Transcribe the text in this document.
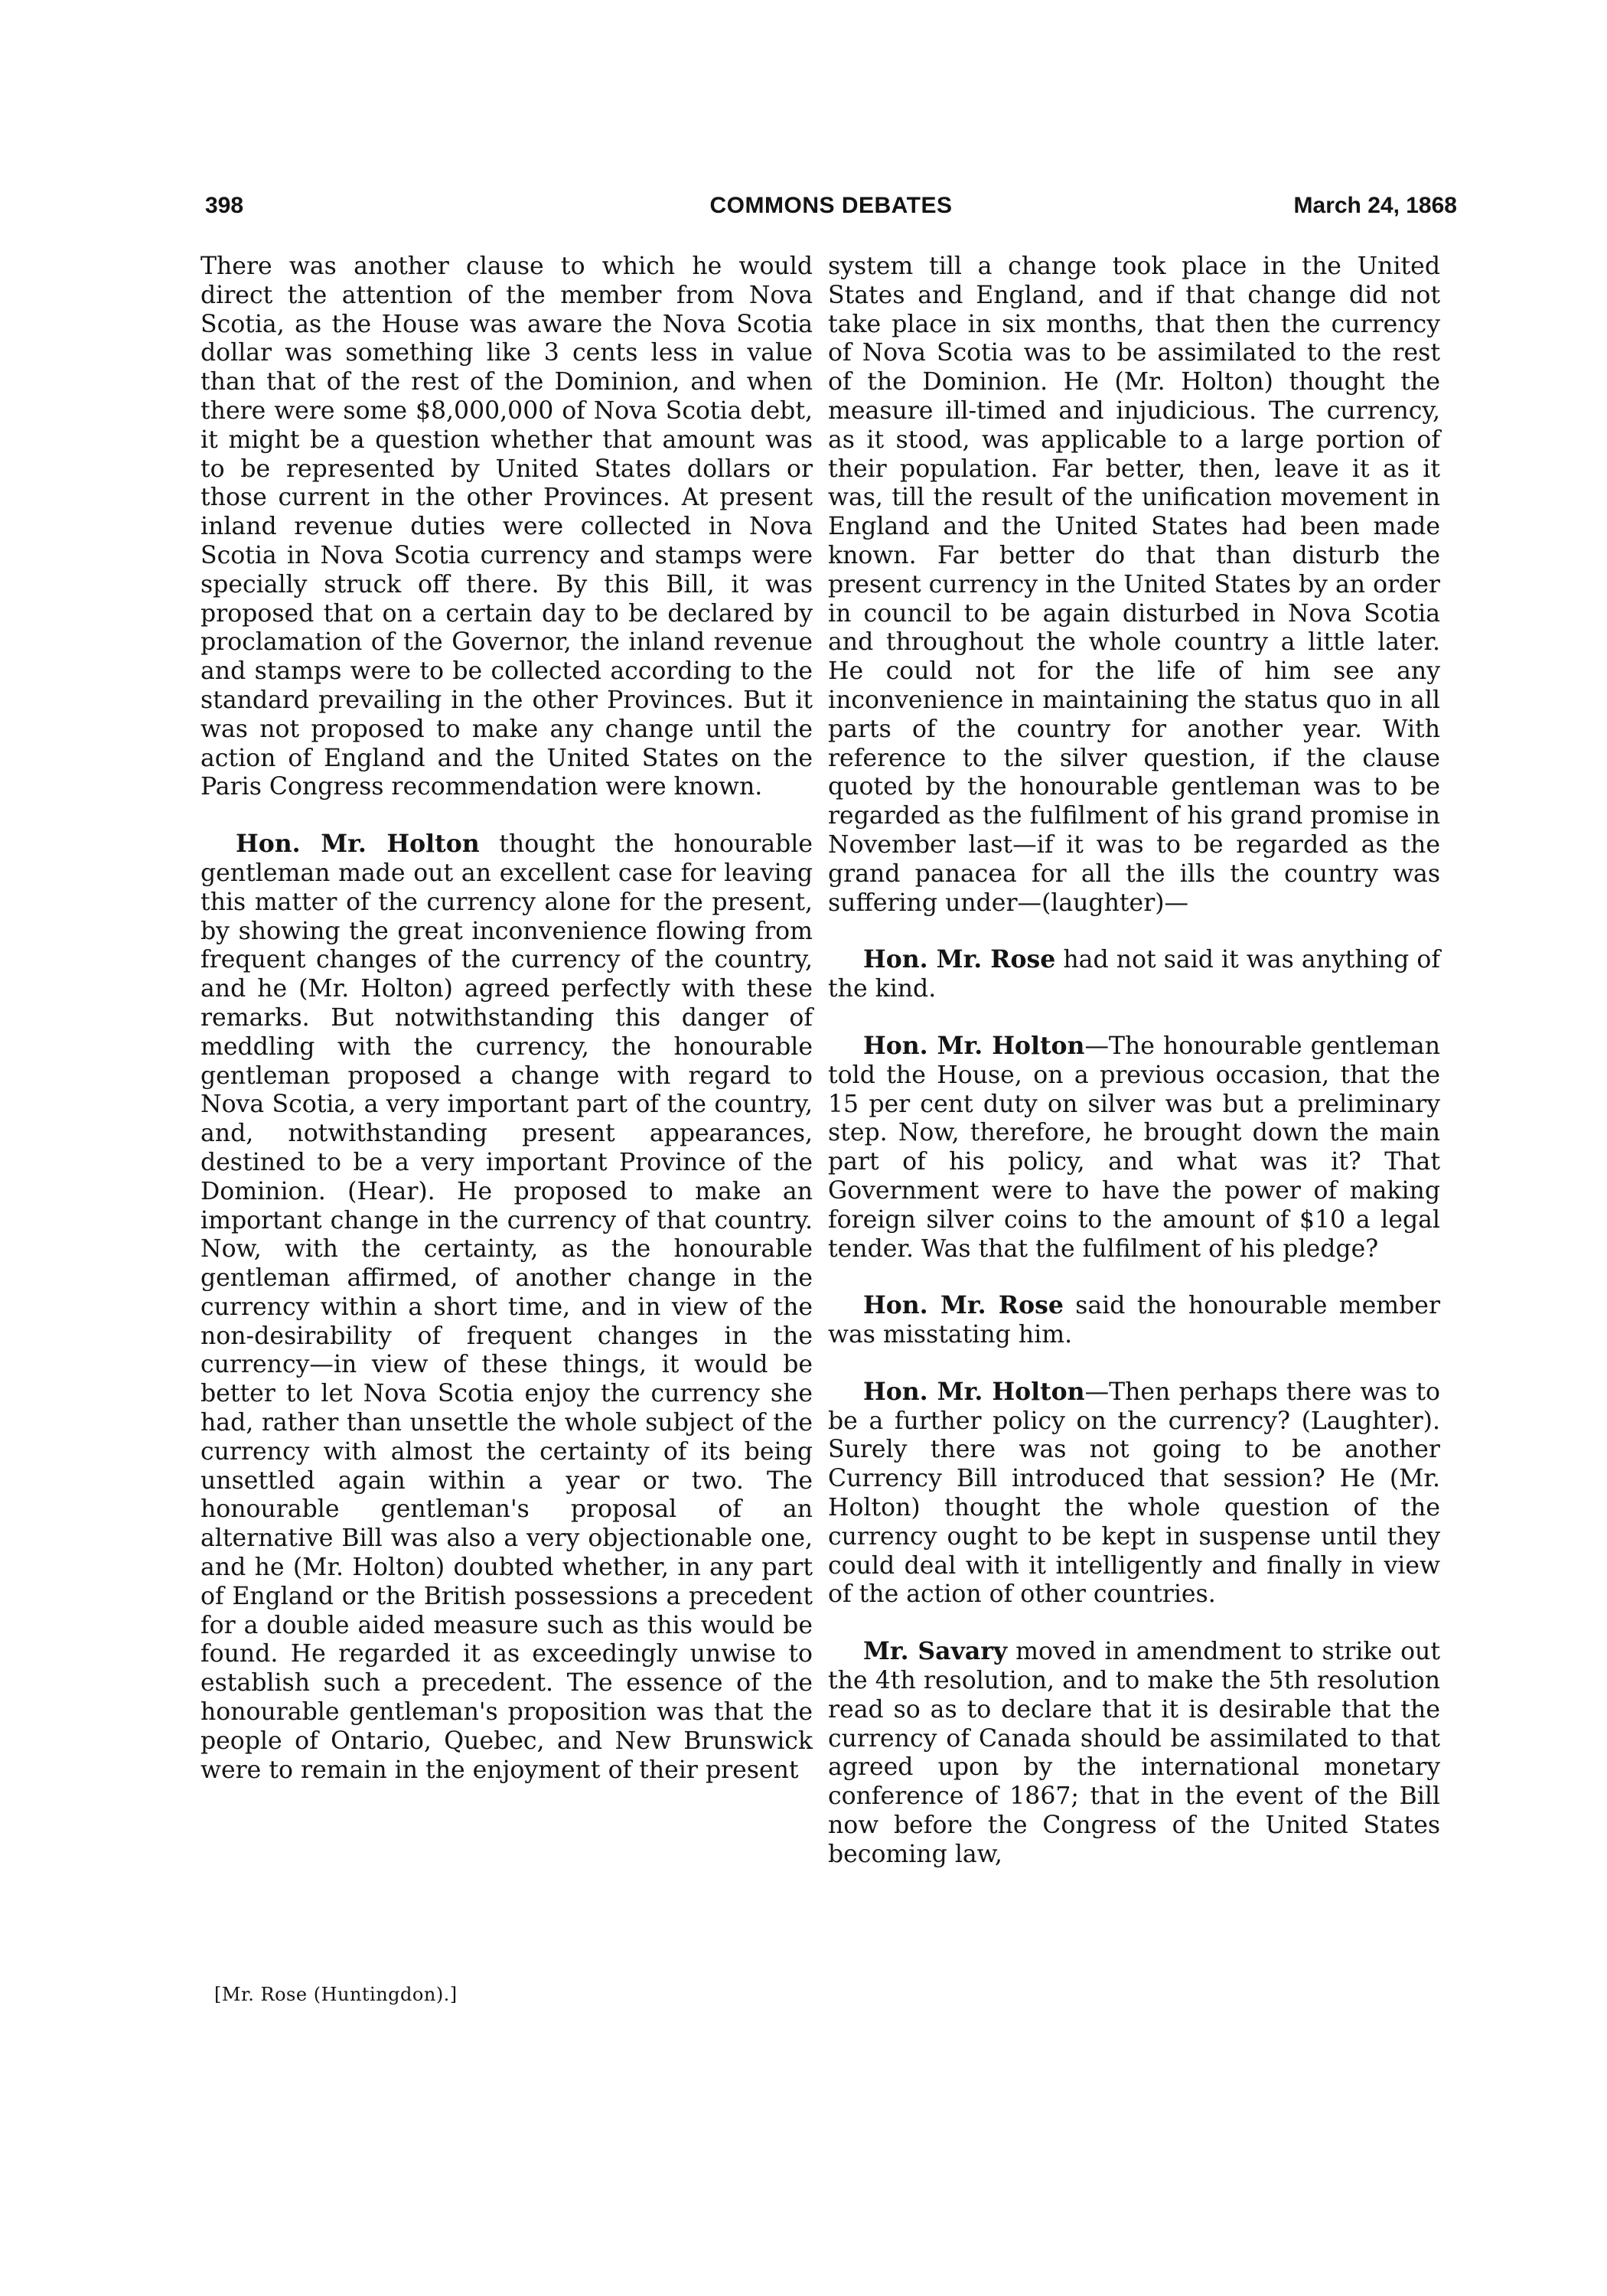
398	COMMONS DEBATES	March 24, 1868

There was another clause to which he would direct the attention of the member from Nova Scotia, as the House was aware the Nova Scotia dollar was something like 3 cents less in value than that of the rest of the Dominion, and when there were some $8,000,000 of Nova Scotia debt, it might be a question whether that amount was to be represented by United States dollars or those current in the other Provinces. At present inland revenue duties were collected in Nova Scotia in Nova Scotia currency and stamps were specially struck off there. By this Bill, it was proposed that on a certain day to be declared by proclamation of the Governor, the inland revenue and stamps were to be collected according to the standard prevailing in the other Provinces. But it was not proposed to make any change until the action of England and the United States on the Paris Congress recommendation were known.

Hon. Mr. Holton thought the honourable gentleman made out an excellent case for leaving this matter of the currency alone for the present, by showing the great inconvenience flowing from frequent changes of the currency of the country, and he (Mr. Holton) agreed perfectly with these remarks. But notwithstanding this danger of meddling with the currency, the honourable gentleman proposed a change with regard to Nova Scotia, a very important part of the country, and, notwithstanding present appearances, destined to be a very important Province of the Dominion. (Hear). He proposed to make an important change in the currency of that country. Now, with the certainty, as the honourable gentleman affirmed, of another change in the currency within a short time, and in view of the non-desirability of frequent changes in the currency—in view of these things, it would be better to let Nova Scotia enjoy the currency she had, rather than unsettle the whole subject of the currency with almost the certainty of its being unsettled again within a year or two. The honourable gentleman's proposal of an alternative Bill was also a very objectionable one, and he (Mr. Holton) doubted whether, in any part of England or the British possessions a precedent for a double aided measure such as this would be found. He regarded it as exceedingly unwise to establish such a precedent. The essence of the honourable gentleman's proposition was that the people of Ontario, Quebec, and New Brunswick were to remain in the enjoyment of their present

system till a change took place in the United States and England, and if that change did not take place in six months, that then the currency of Nova Scotia was to be assimilated to the rest of the Dominion. He (Mr. Holton) thought the measure ill-timed and injudicious. The currency, as it stood, was applicable to a large portion of their population. Far better, then, leave it as it was, till the result of the unification movement in England and the United States had been made known. Far better do that than disturb the present currency in the United States by an order in council to be again disturbed in Nova Scotia and throughout the whole country a little later. He could not for the life of him see any inconvenience in maintaining the status quo in all parts of the country for another year. With reference to the silver question, if the clause quoted by the honourable gentleman was to be regarded as the fulfilment of his grand promise in November last—if it was to be regarded as the grand panacea for all the ills the country was suffering under—(laughter)—

Hon. Mr. Rose had not said it was anything of the kind.

Hon. Mr. Holton—The honourable gentleman told the House, on a previous occasion, that the 15 per cent duty on silver was but a preliminary step. Now, therefore, he brought down the main part of his policy, and what was it? That Government were to have the power of making foreign silver coins to the amount of $10 a legal tender. Was that the fulfilment of his pledge?

Hon. Mr. Rose said the honourable member was misstating him.

Hon. Mr. Holton—Then perhaps there was to be a further policy on the currency? (Laughter). Surely there was not going to be another Currency Bill introduced that session? He (Mr. Holton) thought the whole question of the currency ought to be kept in suspense until they could deal with it intelligently and finally in view of the action of other countries.

Mr. Savary moved in amendment to strike out the 4th resolution, and to make the 5th resolution read so as to declare that it is desirable that the currency of Canada should be assimilated to that agreed upon by the international monetary conference of 1867; that in the event of the Bill now before the Congress of the United States becoming law,

[Mr. Rose (Huntingdon).]
